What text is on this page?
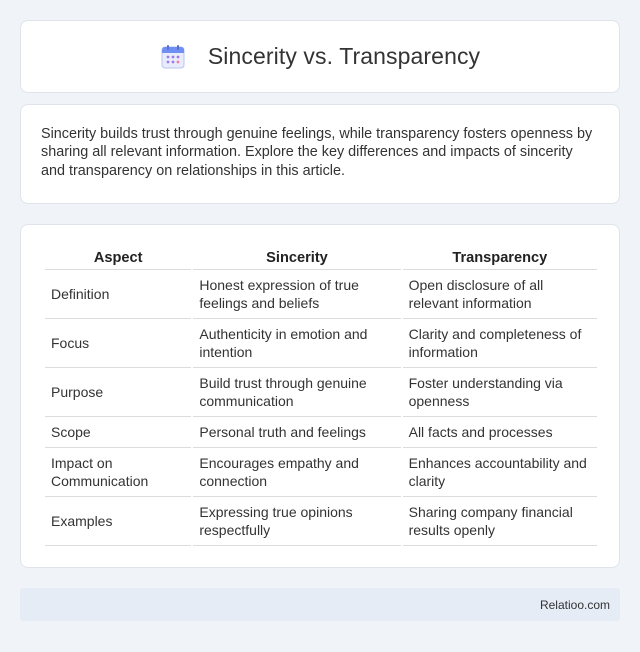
Sincerity vs. Transparency

Sincerity builds trust through genuine feelings, while transparency fosters openness by sharing all relevant information. Explore the key differences and impacts of sincerity and transparency on relationships in this article.

Aspect	Sincerity	Transparency
Definition	Honest expression of true feelings and beliefs	Open disclosure of all relevant information
Focus	Authenticity in emotion and intention	Clarity and completeness of information
Purpose	Build trust through genuine communication	Foster understanding via openness
Scope	Personal truth and feelings	All facts and processes
Impact on Communication	Encourages empathy and connection	Enhances accountability and clarity
Examples	Expressing true opinions respectfully	Sharing company financial results openly
Relatioo.com
